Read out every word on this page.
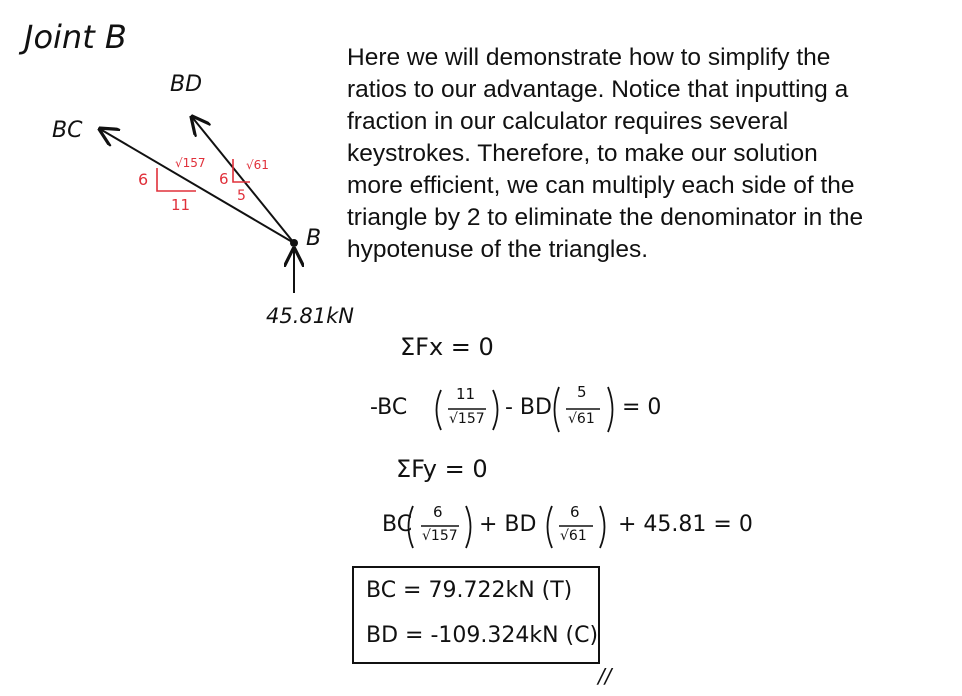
Joint B
BD
BC
B
45.81kN
√157
6
11
√61
6
5
Here we will demonstrate how to simplify the
ratios to our advantage. Notice that inputting a
fraction in our calculator requires several
keystrokes. Therefore, to make our solution
more efficient, we can multiply each side of the
triangle by 2 to eliminate the denominator in the
hypotenuse of the triangles.
ΣFx = 0
-BC
11
√157 - BD
5
√61 = 0
ΣFy = 0
BC 6
√157 + BD 6
√61 + 45.81 = 0
BC = 79.722kN (T)
BD = -109.324kN (C)
//
